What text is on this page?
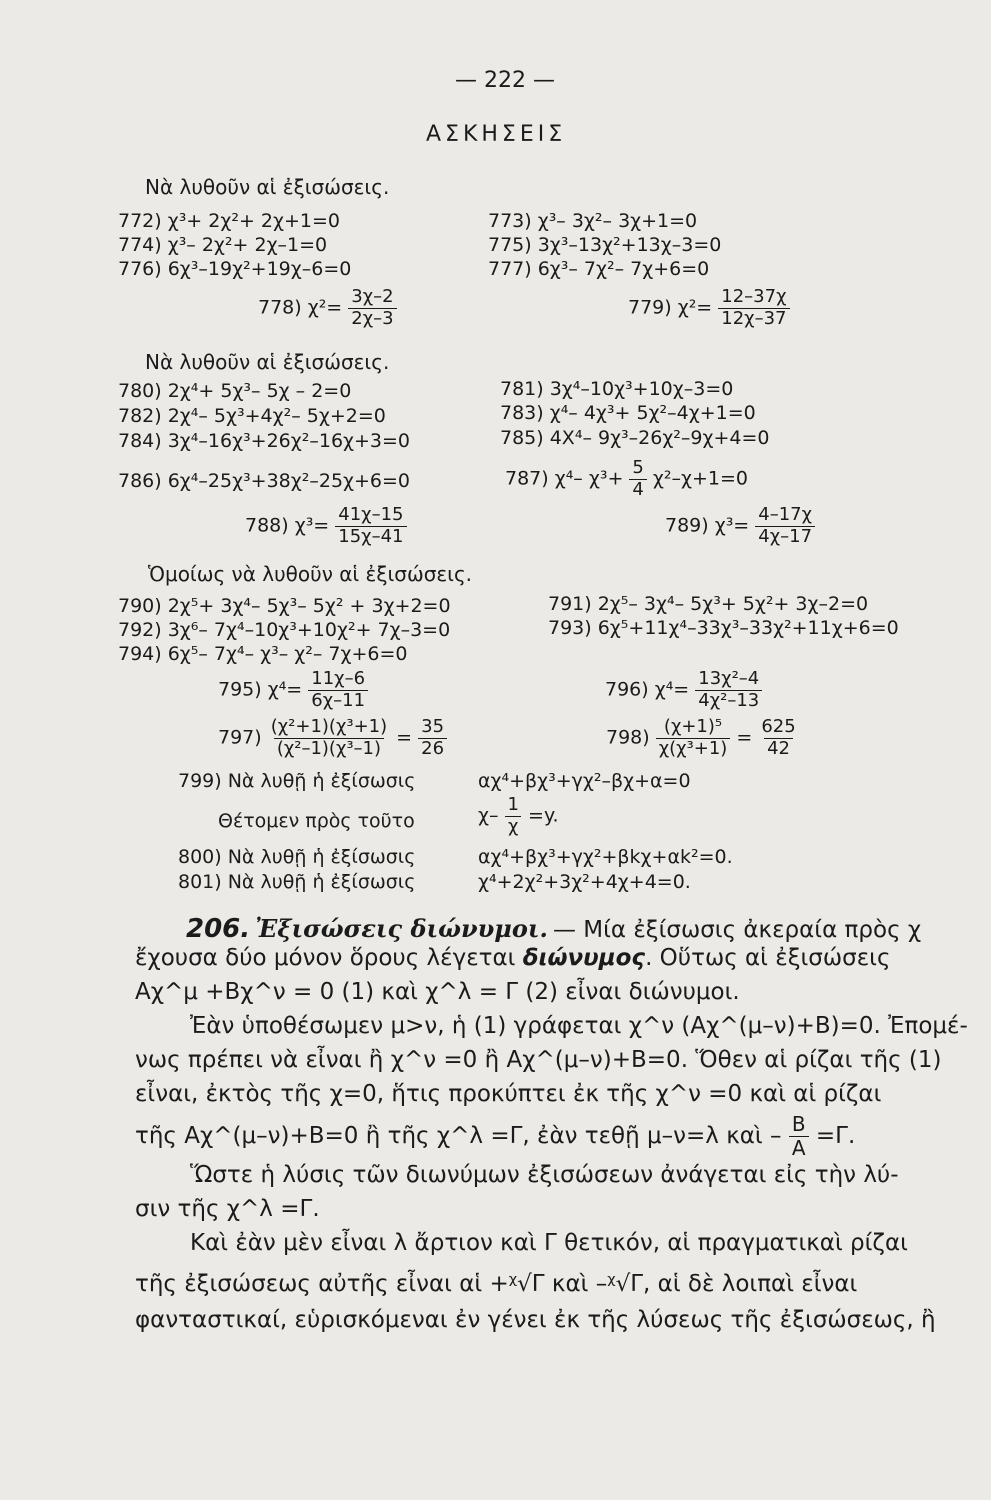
— 222 —
ΑΣΚΗΣΕΙΣ
Νὰ λυθοῦν αἱ ἐξισώσεις.
772) χ³+ 2χ²+ 2χ+1=0	773) χ³– 3χ²– 3χ+1=0
774) χ³– 2χ²+ 2χ–1=0	775) 3χ³–13χ²+13χ–3=0
776) 6χ³–19χ²+19χ–6=0	777) 6χ³– 7χ²– 7χ+6=0
778) $\chi^2= \frac{3\chi-2}{2\chi-3}$	779) $\chi^2= \frac{12-37\chi}{12\chi-37}$
Νὰ λυθοῦν αἱ ἐξισώσεις.
780) 2χ⁴+ 5χ³– 5χ – 2=0	781) 3χ⁴–10χ³+10χ–3=0
782) 2χ⁴– 5χ³+4χ²– 5χ+2=0	783) χ⁴– 4χ³+ 5χ²–4χ+1=0
784) 3χ⁴–16χ³+26χ²–16χ+3=0	785) 4Χ⁴– 9χ³–26χ²–9χ+4=0
786) 6χ⁴–25χ³+38χ²–25χ+6=0	787) χ⁴– $\chi^3+ \frac{5}{4} \chi^2-\chi+1=0$
788) $\chi^3= \frac{41\chi-15}{15\chi-41}$	789) $\chi^3= \frac{4-17\chi}{4\chi-17}$
Ὁμοίως νὰ λυθοῦν αἱ ἐξισώσεις.
790) 2χ⁵+ 3χ⁴– 5χ³– 5χ² + 3χ+2=0	791) 2χ⁵– 3χ⁴– 5χ³+ 5χ²+ 3χ–2=0
792) 3χ⁶– 7χ⁴–10χ³+10χ²+ 7χ–3=0	793) 6χ⁵+11χ⁴–33χ³–33χ²+11χ+6=0
794) 6χ⁵– 7χ⁴– χ³– χ²– 7χ+6=0
795) $\chi^4= \frac{11\chi-6}{6\chi-11}$	796) $\chi^4= \frac{\text{13χ²–4}}{\text{4χ²–13}}$
$797) \frac{\text{(χ²+1)(χ³+1)}}{\text{(χ²–1)(χ³–1)}} = \frac{35}{26}$	$798) \frac{\text{(χ+1)⁵}}{\text{χ(χ³+1)}} = \frac{625}{42}$
799) Νὰ λυθῇ ἡ ἐξίσωσις	αχ⁴+βχ³+γχ²–βχ+α=0
Θέτομεν πρὸς τοῦτο	$\chi- \frac{1}{\chi} =y$.
800) Νὰ λυθῇ ἡ ἐξίσωσις	αχ⁴+βχ³+γχ²+βkχ+αk²=0.
801) Νὰ λυθῇ ἡ ἐξίσωσις	χ⁴+2χ²+3χ²+4χ+4=0.
206. Ἐξισώσεις διώνυμοι. — Μία ἐξίσωσις ἀκεραία πρὸς χ
ἔχουσα δύο μόνον ὅρους λέγεται διώνυμος. Οὕτως αἱ ἐξισώσεις
Αχ^μ +Βχ^ν = 0 (1) καὶ χ^λ = Γ (2) εἶναι διώνυμοι.
Ἐὰν ὑποθέσωμεν μ>ν, ἡ (1) γράφεται χ^ν (Αχ^(μ–ν)+Β)=0. Ἐπομέ-
νως πρέπει νὰ εἶναι ἢ χ^ν =0 ἢ Αχ^(μ–ν)+Β=0. Ὅθεν αἱ ρίζαι τῆς (1)
εἶναι, ἐκτὸς τῆς χ=0, ἥτις προκύπτει ἐκ τῆς χ^ν =0 καὶ αἱ ρίζαι
τῆς Αχ^(μ–ν)+Β=0 ἢ τῆς χ^λ =Γ, ἐὰν τεθῇ μ–ν=λ καὶ – $\frac{B}{A} =\Gamma$.
Ὥστε ἡ λύσις τῶν διωνύμων ἐξισώσεων ἀνάγεται εἰς τὴν λύ-
σιν τῆς χ^λ =Γ.
Καὶ ἐὰν μὲν εἶναι λ ἄρτιον καὶ Γ θετικόν, αἱ πραγματικαὶ ρίζαι
τῆς ἐξισώσεως αὐτῆς εἶναι αἱ +ᵡ√Γ καὶ –ᵡ√Γ, αἱ δὲ λοιπαὶ εἶναι
φανταστικαί, εὑρισκόμεναι ἐν γένει ἐκ τῆς λύσεως τῆς ἐξισώσεως, ἢ
